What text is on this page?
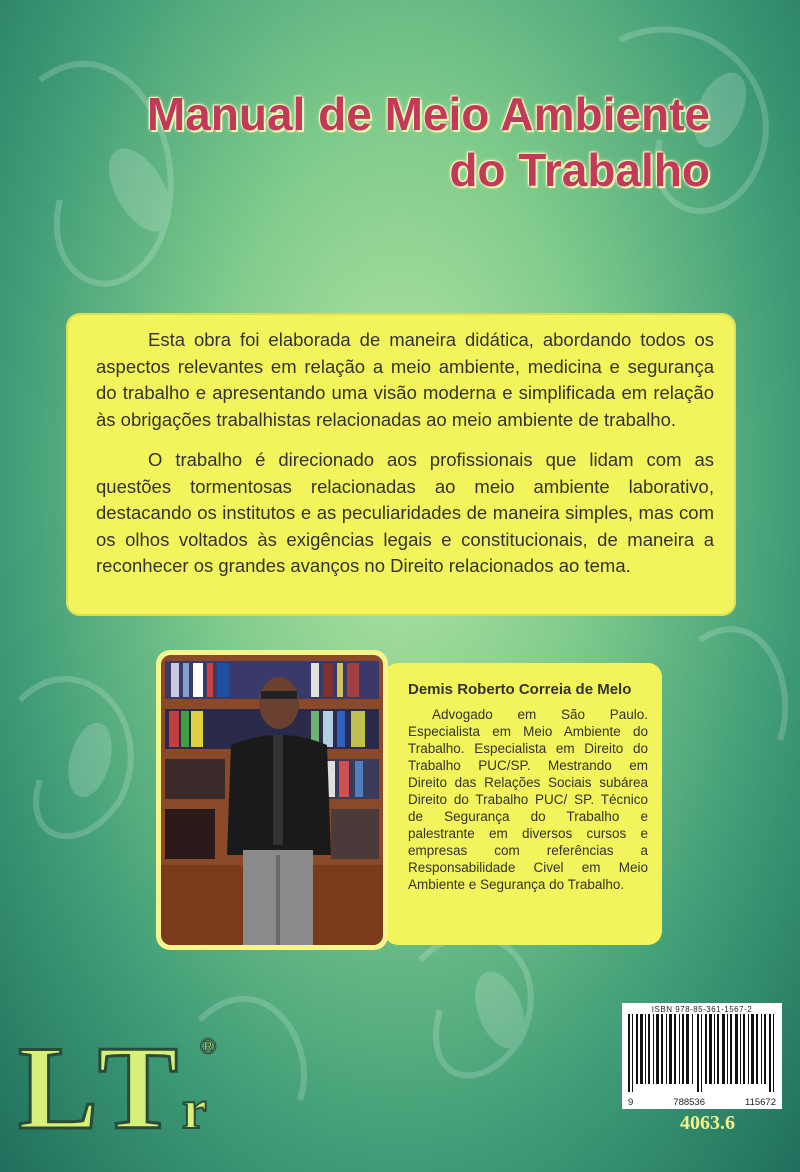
Manual de Meio Ambiente
do Trabalho

Esta obra foi elaborada de maneira didática, abordando todos os aspectos relevantes em relação a meio ambiente, medicina e segurança do trabalho e apresentando uma visão moderna e simplificada em relação às obrigações trabalhistas relacionadas ao meio ambiente de trabalho.

O trabalho é direcionado aos profissionais que lidam com as questões tormentosas relacionadas ao meio ambiente laborativo, destacando os institutos e as peculiaridades de maneira simples, mas com os olhos voltados às exigências legais e constitucionais, de maneira a reconhecer os grandes avanços no Direito relacionados ao tema.

Demis Roberto Correia de Melo

Advogado em São Paulo. Especialista em Meio Ambiente do Trabalho. Especialista em Direito do Trabalho PUC/SP. Mestrando em Direito das Relações Sociais subárea Direito do Trabalho PUC/ SP. Técnico de Segurança do Trabalho e palestrante em diversos cursos e empresas com referências a Responsabilidade Civel em Meio Ambiente e Segurança do Trabalho.

L T r
®

ISBN 978-85-361-1567-2

9	788536	115672

4063.6
